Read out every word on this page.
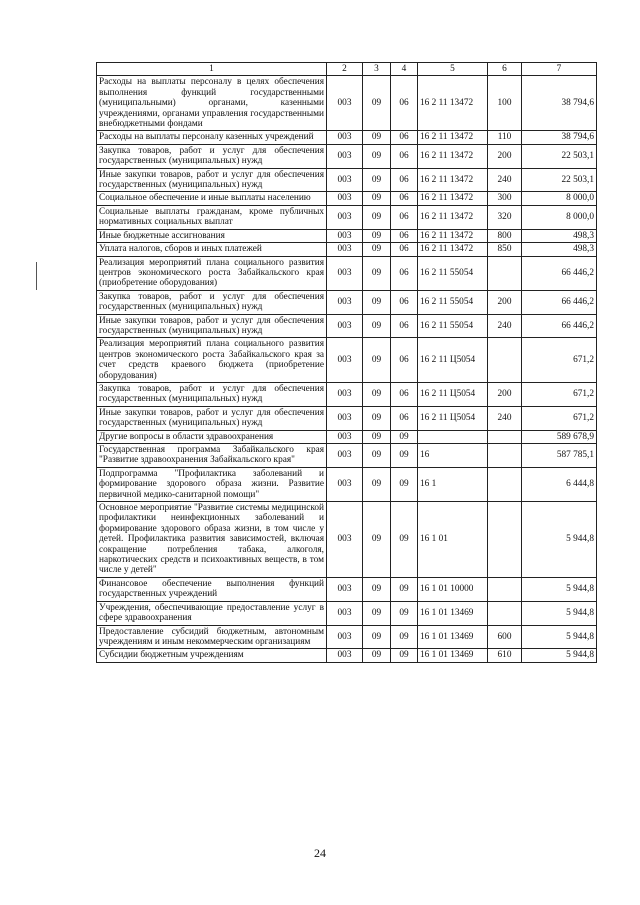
1	2	3	4	5	6	7
Расходы на выплаты персоналу в целях обеспечения выполнения функций государственными (муниципальными) органами, казенными учреждениями, органами управления государственными внебюджетными фондами	003	09	06	16 2 11 13472	100	38 794,6
Расходы на выплаты персоналу казенных учреждений	003	09	06	16 2 11 13472	110	38 794,6
Закупка товаров, работ и услуг для обеспечения государственных (муниципальных) нужд	003	09	06	16 2 11 13472	200	22 503,1
Иные закупки товаров, работ и услуг для обеспечения государственных (муниципальных) нужд	003	09	06	16 2 11 13472	240	22 503,1
Социальное обеспечение и иные выплаты населению	003	09	06	16 2 11 13472	300	8 000,0
Социальные выплаты гражданам, кроме публичных нормативных социальных выплат	003	09	06	16 2 11 13472	320	8 000,0
Иные бюджетные ассигнования	003	09	06	16 2 11 13472	800	498,3
Уплата налогов, сборов и иных платежей	003	09	06	16 2 11 13472	850	498,3
Реализация мероприятий плана социального развития центров экономического роста Забайкальского края (приобретение оборудования)	003	09	06	16 2 11 55054		66 446,2
Закупка товаров, работ и услуг для обеспечения государственных (муниципальных) нужд	003	09	06	16 2 11 55054	200	66 446,2
Иные закупки товаров, работ и услуг для обеспечения государственных (муниципальных) нужд	003	09	06	16 2 11 55054	240	66 446,2
Реализация мероприятий плана социального развития центров экономического роста Забайкальского края за счет средств краевого бюджета (приобретение оборудования)	003	09	06	16 2 11 Ц5054		671,2
Закупка товаров, работ и услуг для обеспечения государственных (муниципальных) нужд	003	09	06	16 2 11 Ц5054	200	671,2
Иные закупки товаров, работ и услуг для обеспечения государственных (муниципальных) нужд	003	09	06	16 2 11 Ц5054	240	671,2
Другие вопросы в области здравоохранения	003	09	09			589 678,9
Государственная программа Забайкальского края "Развитие здравоохранения Забайкальского края"	003	09	09	16		587 785,1
Подпрограмма "Профилактика заболеваний и формирование здорового образа жизни. Развитие первичной медико-санитарной помощи"	003	09	09	16 1		6 444,8
Основное мероприятие "Развитие системы медицинской профилактики неинфекционных заболеваний и формирование здорового образа жизни, в том числе у детей. Профилактика развития зависимостей, включая сокращение потребления табака, алкоголя, наркотических средств и психоактивных веществ, в том числе у детей"	003	09	09	16 1 01		5 944,8
Финансовое обеспечение выполнения функций государственных учреждений	003	09	09	16 1 01 10000		5 944,8
Учреждения, обеспечивающие предоставление услуг в сфере здравоохранения	003	09	09	16 1 01 13469		5 944,8
Предоставление субсидий бюджетным, автономным учреждениям и иным некоммерческим организациям	003	09	09	16 1 01 13469	600	5 944,8
Субсидии бюджетным учреждениям	003	09	09	16 1 01 13469	610	5 944,8
24
